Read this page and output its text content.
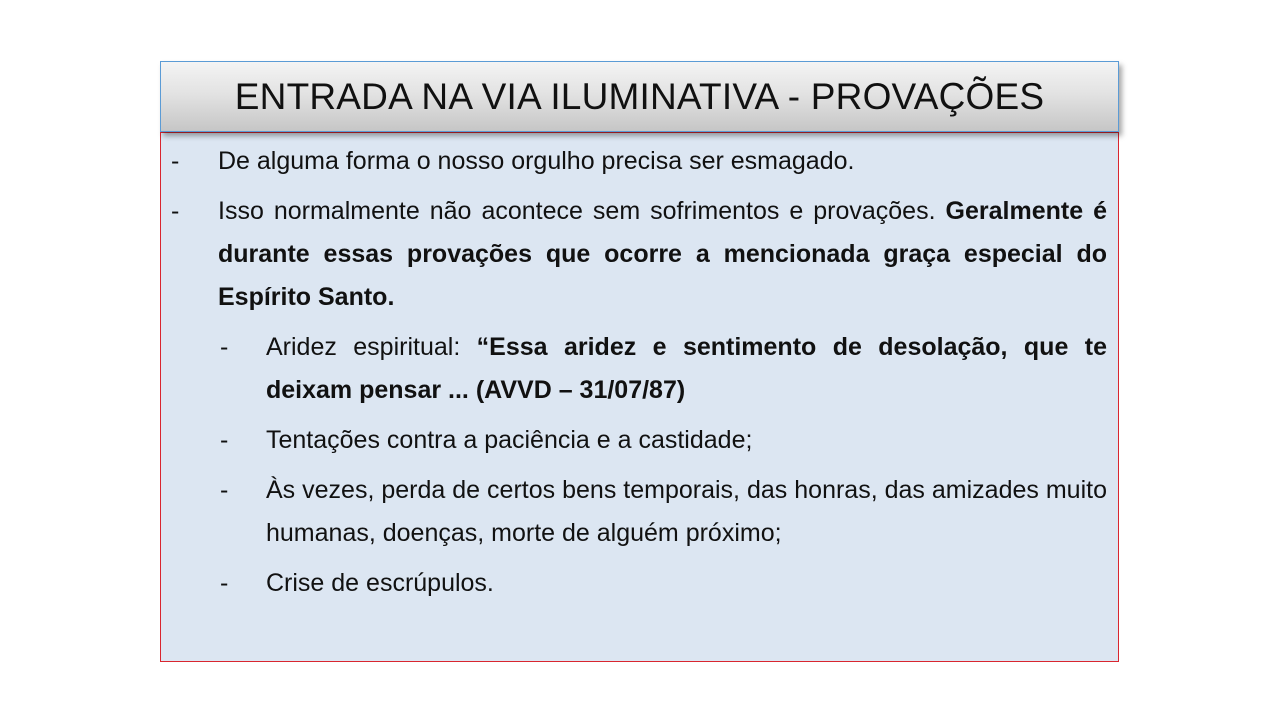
ENTRADA NA VIA ILUMINATIVA - PROVAÇÕES
- De alguma forma o nosso orgulho precisa ser esmagado.
- Isso normalmente não acontece sem sofrimentos e provações. Geralmente é durante essas provações que ocorre a mencionada graça especial do Espírito Santo.
- Aridez espiritual: “Essa aridez e sentimento de desolação, que te deixam pensar ... (AVVD – 31/07/87)
- Tentações contra a paciência e a castidade;
- Às vezes, perda de certos bens temporais, das honras, das amizades muito humanas, doenças, morte de alguém próximo;
- Crise de escrúpulos.
